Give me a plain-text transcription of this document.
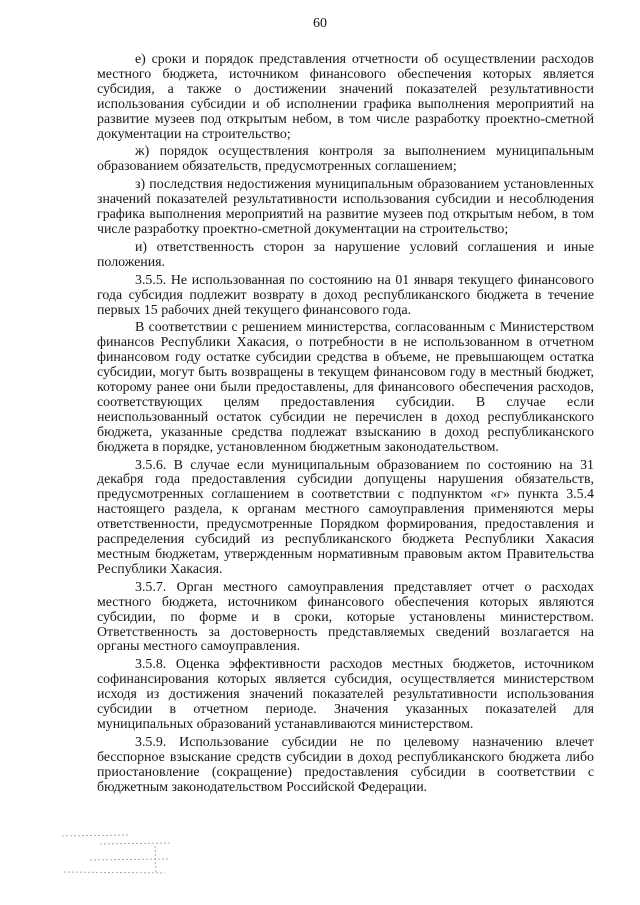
60

е) сроки и порядок представления отчетности об осуществлении расходов местного бюджета, источником финансового обеспечения которых является субсидия, а также о достижении значений показателей результативности использования субсидии и об исполнении графика выполнения мероприятий на развитие музеев под открытым небом, в том числе разработку проектно-сметной документации на строительство;

ж) порядок осуществления контроля за выполнением муниципальным образованием обязательств, предусмотренных соглашением;

з) последствия недостижения муниципальным образованием установленных значений показателей результативности использования субсидии и несоблюдения графика выполнения мероприятий на развитие музеев под открытым небом, в том числе разработку проектно-сметной документации на строительство;

и) ответственность сторон за нарушение условий соглашения и иные положения.

3.5.5. Не использованная по состоянию на 01 января текущего финансового года субсидия подлежит возврату в доход республиканского бюджета в течение первых 15 рабочих дней текущего финансового года.

В соответствии с решением министерства, согласованным с Министерством финансов Республики Хакасия, о потребности в не использованном в отчетном финансовом году остатке субсидии средства в объеме, не превышающем остатка субсидии, могут быть возвращены в текущем финансовом году в местный бюджет, которому ранее они были предоставлены, для финансового обеспечения расходов, соответствующих целям предоставления субсидии. В случае если неиспользованный остаток субсидии не перечислен в доход республиканского бюджета, указанные средства подлежат взысканию в доход республиканского бюджета в порядке, установленном бюджетным законодательством.

3.5.6. В случае если муниципальным образованием по состоянию на 31 декабря года предоставления субсидии допущены нарушения обязательств, предусмотренных соглашением в соответствии с подпунктом «г» пункта 3.5.4 настоящего раздела, к органам местного самоуправления применяются меры ответственности, предусмотренные Порядком формирования, предоставления и распределения субсидий из республиканского бюджета Республики Хакасия местным бюджетам, утвержденным нормативным правовым актом Правительства Республики Хакасия.

3.5.7. Орган местного самоуправления представляет отчет о расходах местного бюджета, источником финансового обеспечения которых являются субсидии, по форме и в сроки, которые установлены министерством. Ответственность за достоверность представляемых сведений возлагается на органы местного самоуправления.

3.5.8. Оценка эффективности расходов местных бюджетов, источником софинансирования которых является субсидия, осуществляется министерством исходя из достижения значений показателей результативности использования субсидии в отчетном периоде. Значения указанных показателей для муниципальных образований устанавливаются министерством.

3.5.9. Использование субсидии не по целевому назначению влечет бесспорное взыскание средств субсидии в доход республиканского бюджета либо приостановление (сокращение) предоставления субсидии в соответствии с бюджетным законодательством Российской Федерации.
